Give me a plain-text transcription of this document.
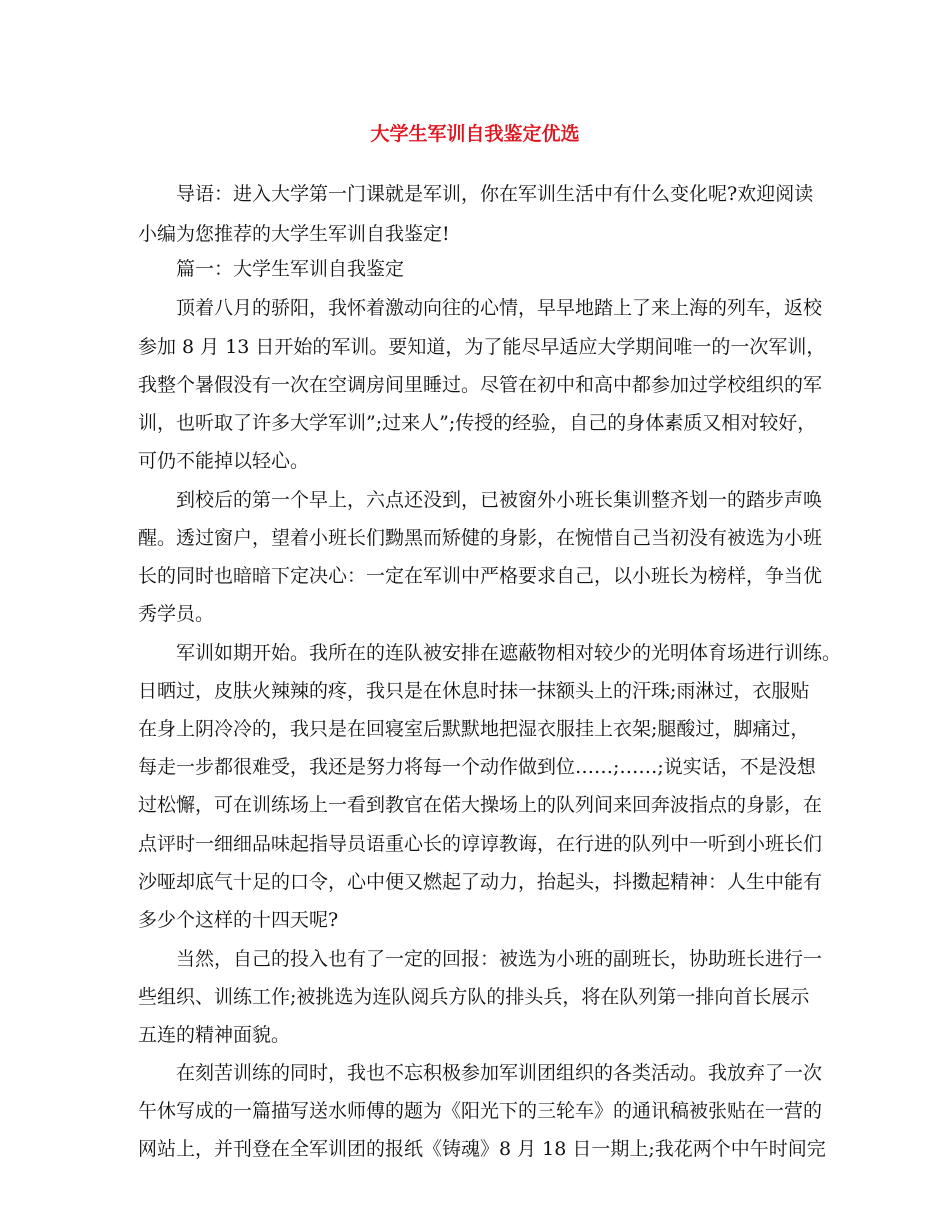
大学生军训自我鉴定优选

导语：进入大学第一门课就是军训，你在军训生活中有什么变化呢?欢迎阅读

小编为您推荐的大学生军训自我鉴定!

篇一：大学生军训自我鉴定

顶着八月的骄阳，我怀着激动向往的心情，早早地踏上了来上海的列车，返校

参加 8 月 13 日开始的军训。要知道，为了能尽早适应大学期间唯一的一次军训，

我整个暑假没有一次在空调房间里睡过。尽管在初中和高中都参加过学校组织的军

训，也听取了许多大学军训”;过来人”;传授的经验，自己的身体素质又相对较好，

可仍不能掉以轻心。

到校后的第一个早上，六点还没到，已被窗外小班长集训整齐划一的踏步声唤

醒。透过窗户，望着小班长们黝黑而矫健的身影，在惋惜自己当初没有被选为小班

长的同时也暗暗下定决心：一定在军训中严格要求自己，以小班长为榜样，争当优

秀学员。

军训如期开始。我所在的连队被安排在遮蔽物相对较少的光明体育场进行训练。

日晒过，皮肤火辣辣的疼，我只是在休息时抹一抹额头上的汗珠;雨淋过，衣服贴

在身上阴冷冷的，我只是在回寝室后默默地把湿衣服挂上衣架;腿酸过，脚痛过，

每走一步都很难受，我还是努力将每一个动作做到位……;……;说实话，不是没想

过松懈，可在训练场上一看到教官在偌大操场上的队列间来回奔波指点的身影，在

点评时一细细品味起指导员语重心长的谆谆教诲，在行进的队列中一听到小班长们

沙哑却底气十足的口令，心中便又燃起了动力，抬起头，抖擞起精神：人生中能有

多少个这样的十四天呢?

当然，自己的投入也有了一定的回报：被选为小班的副班长，协助班长进行一

些组织、训练工作;被挑选为连队阅兵方队的排头兵，将在队列第一排向首长展示

五连的精神面貌。

在刻苦训练的同时，我也不忘积极参加军训团组织的各类活动。我放弃了一次

午休写成的一篇描写送水师傅的题为《阳光下的三轮车》的通讯稿被张贴在一营的

网站上，并刊登在全军训团的报纸《铸魂》8 月 18 日一期上;我花两个中午时间完
